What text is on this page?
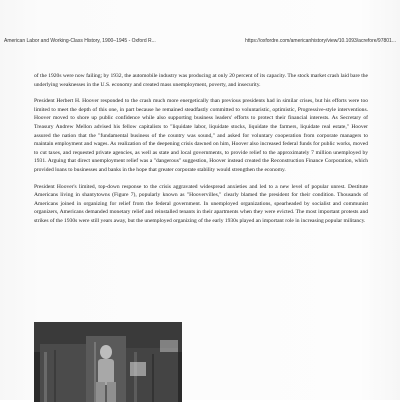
American Labor and Working-Class History, 1900–1945 - Oxford R...	https://oxfordre.com/americanhistory/view/10.1093/acrefore/97801...

of the 1920s were now failing; by 1932, the automobile industry was producing at only 20 percent of its capacity. The stock market crash laid bare the underlying weaknesses in the U.S. economy and created mass unemployment, poverty, and insecurity.

President Herbert H. Hoover responded to the crash much more energetically than previous presidents had in similar crises, but his efforts were too limited to meet the depth of this one, in part because he remained steadfastly committed to voluntaristic, optimistic, Progressive-style interventions. Hoover moved to shore up public confidence while also supporting business leaders' efforts to protect their financial interests. As Secretary of Treasury Andrew Mellon advised his fellow capitalists to "liquidate labor, liquidate stocks, liquidate the farmers, liquidate real estate," Hoover assured the nation that the "fundamental business of the country was sound," and asked for voluntary cooperation from corporate managers to maintain employment and wages. As realization of the deepening crisis dawned on him, Hoover also increased federal funds for public works, moved to cut taxes, and requested private agencies, as well as state and local governments, to provide relief to the approximately 7 million unemployed by 1931. Arguing that direct unemployment relief was a "dangerous" suggestion, Hoover instead created the Reconstruction Finance Corporation, which provided loans to businesses and banks in the hope that greater corporate stability would strengthen the economy.

President Hoover's limited, top-down response to the crisis aggravated widespread anxieties and led to a new level of popular unrest. Destitute Americans living in shantytowns (Figure 7), popularly known as "Hoovervilles," clearly blamed the president for their condition. Thousands of Americans joined in organizing for relief from the federal government. In unemployed organizations, spearheaded by socialist and communist organizers, Americans demanded monetary relief and reinstalled tenants in their apartments when they were evicted. The most important protests and strikes of the 1930s were still years away, but the unemployed organizing of the early 1930s played an important role in increasing popular militancy.
